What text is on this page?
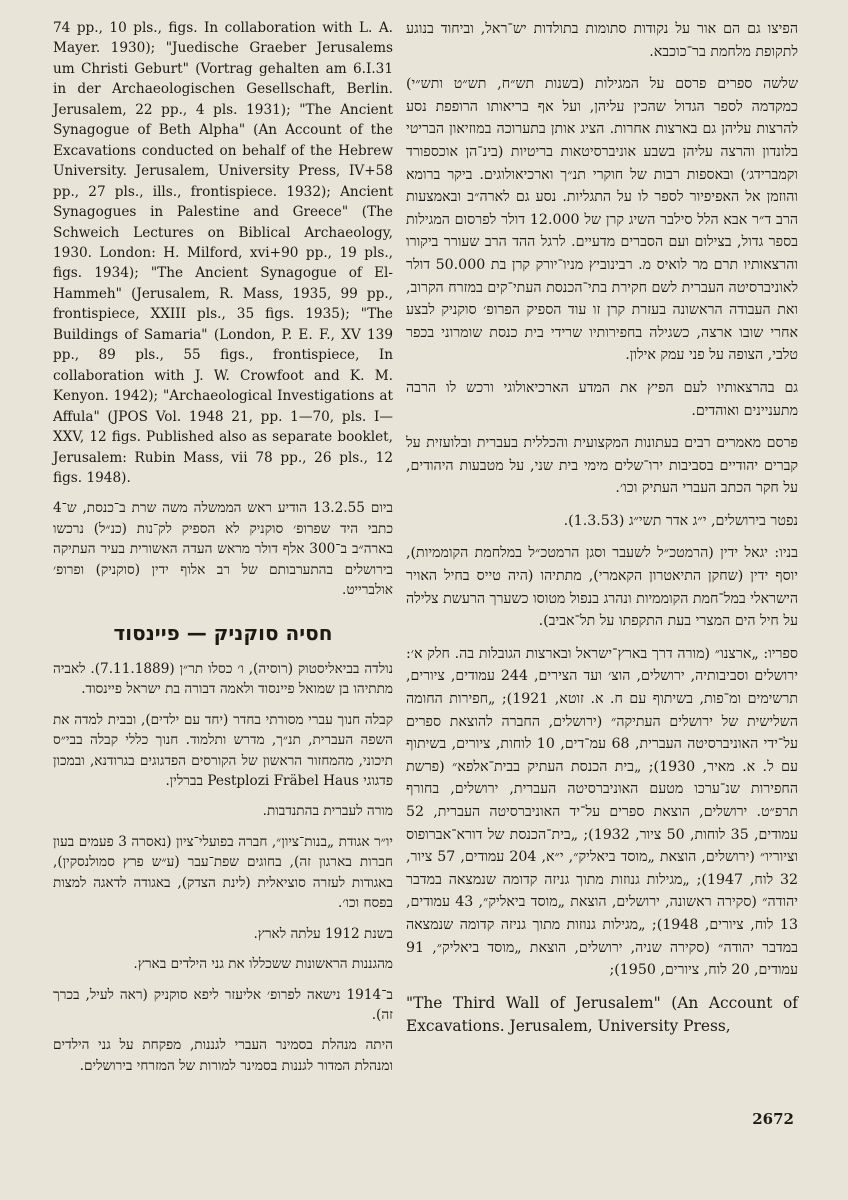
74 pp., 10 pls., figs. In collaboration with L. A. Mayer. 1930); "Juedische Graeber Jerusalems um Christi Geburt" (Vortrag gehalten am 6.I.31 in der Archaeologischen Gesellschaft, Berlin. Jerusalem, 22 pp., 4 pls. 1931); "The Ancient Synagogue of Beth Alpha" (An Account of the Excavations conducted on behalf of the Hebrew University. Jerusalem, University Press, IV+58 pp., 27 pls., ills., frontispiece. 1932); Ancient Synagogues in Palestine and Greece" (The Schweich Lectures on Biblical Archaeology, 1930. London: H. Milford, xvi+90 pp., 19 pls., figs. 1934); "The Ancient Synagogue of El-Hammeh" (Jerusalem, R. Mass, 1935, 99 pp., frontispiece, XXIII pls., 35 figs. 1935); "The Buildings of Samaria" (London, P. E. F., XV 139 pp., 89 pls., 55 figs., frontispiece, In collaboration with J. W. Crowfoot and K. M. Kenyon. 1942); "Archaeological Investigations at Affula" (JPOS Vol. 1948 21, pp. 1—70, pls. I—XXV, 12 figs. Published also as separate booklet, Jerusalem: Rubin Mass, vii 78 pp., 26 pls., 12 figs. 1948).

ביום 13.2.55 הודיע ראש הממשלה משה שרת ב־כנסת, ש־4 כתבי היד שפרופ׳ סוקניק לא הספיק לק־נות (כנ״ל) נרכשו בארה״ב ב־300 אלף דולר מראש העדה האשורית בעיר העתיקה בירושלים בהתערבותם של רב אלוף ידין (סוקניק) ופרופ׳ אולברייט.

חסיה סוקניק — פיינסוד

נולדה בביאליסטוק (רוסיה), ו׳ כסלו תר״ן (7.11.1889). לאביה מתתיהו בן שמואל פיינסוד ולאמה דבורה בת ישראל פיינסוד.

קבלה חנוך עברי מסורתי בחדר (יחד עם ילדים), ובבית למדה את השפה העברית, תנ״ך, מדרש ותלמוד. חנוך כללי קבלה בבי״ס תיכוני, מהמחזור הראשון של הקורסים הפדגוגים בגרודנא, ובמכון פדגוגי Pestplozi Fräbel Haus בברלין.

מורה לעברית בהתנדבות.

יו״ר אגודת „בנות־ציון״, חברה בפועלי־ציון (נאסרה 3 פעמים בעון חברות בארגון זה), בחוגים שפת־עבר (ע״ש פרץ סמולנסקין), באגודות לעזרה סוציאלית (לינת הצדק), באגודה לדאגה למצות בפסח וכו׳.

בשנת 1912 עלתה לארץ.

מהגננות הראשונות ששכללו את גני הילדים בארץ.

ב־1914 נישאה לפרופ׳ אליעזר ליפא סוקניק (ראה לעיל, בכרך זה).

היתה מנהלת בסמינר העברי לגננות, מפקחת על גני הילדים ומנהלת המדור לגננות בסמינר למורות של המזרחי בירושלים.

הפיצו גם הם אור על נקודות סתומות בתולדות יש־ראל, וביחוד בנוגע לתקופת מלחמת בר־כוכבא.

שלשה ספרים פרסם על המגילות (בשנות תש״ח, תש״ט ותש״י) כמקדמה לספר הגדול שהכין עליהן, ועל אף בריאותו הרופפת נסע להרצות עליהן גם בארצות אחרות. הציג אותן בתערוכה במוזיאון הבריטי בלונדון והרצה עליהן בשבע אוניברסיטאות בריטיות (בינ־הן אוכספורד וקמברידג׳) ובאספות רבות של חוקרי תנ״ך וארכיאולוגים. ביקר ברומא והוזמן אל האפיפיור לספר לו על התגליות. נסע גם לארה״ב ובאמצעות הרב ד״ר אבא הלל סילבר השיג קרן של 12.000 דולר לפרסום המגילות בספר גדול, בצילום ועם הסברים מדעיים. לרגל ההד הרב שעורר ביקורו והרצאותיו תרם מר לואיס מ. רבינוביץ מניו־יורק קרן בת 50.000 דולר לאוניברסיטה העברית לשם חקירת בתי־הכנסת העתי־קים במזרח הקרוב, ואת העבודה הראשונה בעזרת קרן זו עוד הספיק הפרופ׳ סוקניק לבצע אחרי שובו ארצה, כשגילה בחפירותיו שרידי בית כנסת שומרוני בכפר טלבי, הצופה על פני עמק אילון.

גם בהרצאותיו לעם הפיץ את המדע הארכיאולוגי ורכש לו הרבה מתעניינים ואוהדים.

פרסם מאמרים רבים בעתונות המקצועית והכללית בעברית ובלועזית על קברים יהודיים בסביבות ירו־שלים מימי בית שני, על מטבעות היהודים, על חקר הכתב העברי העתיק וכו׳.

נפטר בירושלים, י״ג אדר תשי״ג (1.3.53).

בניו: יגאל ידין (הרמטכ״ל לשעבר וסגן הרמטכ״ל במלחמת הקוממיות), יוסף ידין (שחקן התיאטרון הקאמרי), מתתיהו (היה טייס בחיל האויר הישראלי במל־חמת הקוממיות ונהרג בנפול מטוסו כשערך הרעשת צלילה על חיל הים המצרי בעת התקפתו על תל־אביב).

ספריו: „ארצנו״ (מורה דרך בארץ־ישראל ובארצות הגובלות בה. חלק א׳: ירושלים וסביבותיה, ירושלים, הוצ׳ ועד הצירים, 244 עמודים, ציורים, תרשימים ומ־פות, בשיתוף עם ח. א. זוטא, 1921); „חפירות החומה השלישית של ירושלים העתיקה״ (ירושלים, החברה להוצאת ספרים על־ידי האוניברסיטה העברית, 68 עמ־דים, 10 לוחות, ציורים, בשיתוף עם ל. א. מאיר, 1930); „בית הכנסת העתיק בבית־אלפא״ (פרשת החפירות שנ־ערכו מטעם האוניברסיטה העברית, ירושלים, בחורף תרפ״ט. ירושלים, הוצאת ספרים על־יד האוניברסיטה העברית, 52 עמודים, 35 לוחות, 50 ציור, 1932); „בית־הכנסת של דורא־אברופוס וציוריו״ (ירושלים, הוצאת „מוסד ביאליק״, י״א, 204 עמודים, 57 ציור, 32 לוח, 1947); „מגילות גנוזות מתוך גניזה קדומה שנמצאה במדבר יהודה״ (סקירה ראשונה, ירושלים, הוצאת „מוסד ביאליק״, 43 עמודים, 13 לוח, ציורים, 1948); „מגילות גנוזות מתוך גניזה קדומה שנמצאה במדבר יהודה״ (סקירה שניה, ירושלים, הוצאת „מוסד ביאליק״, 91 עמודים, 20 לוח, ציורים, 1950);

"The Third Wall of Jerusalem" (An Account of Excavations. Jerusalem, University Press,

2672
